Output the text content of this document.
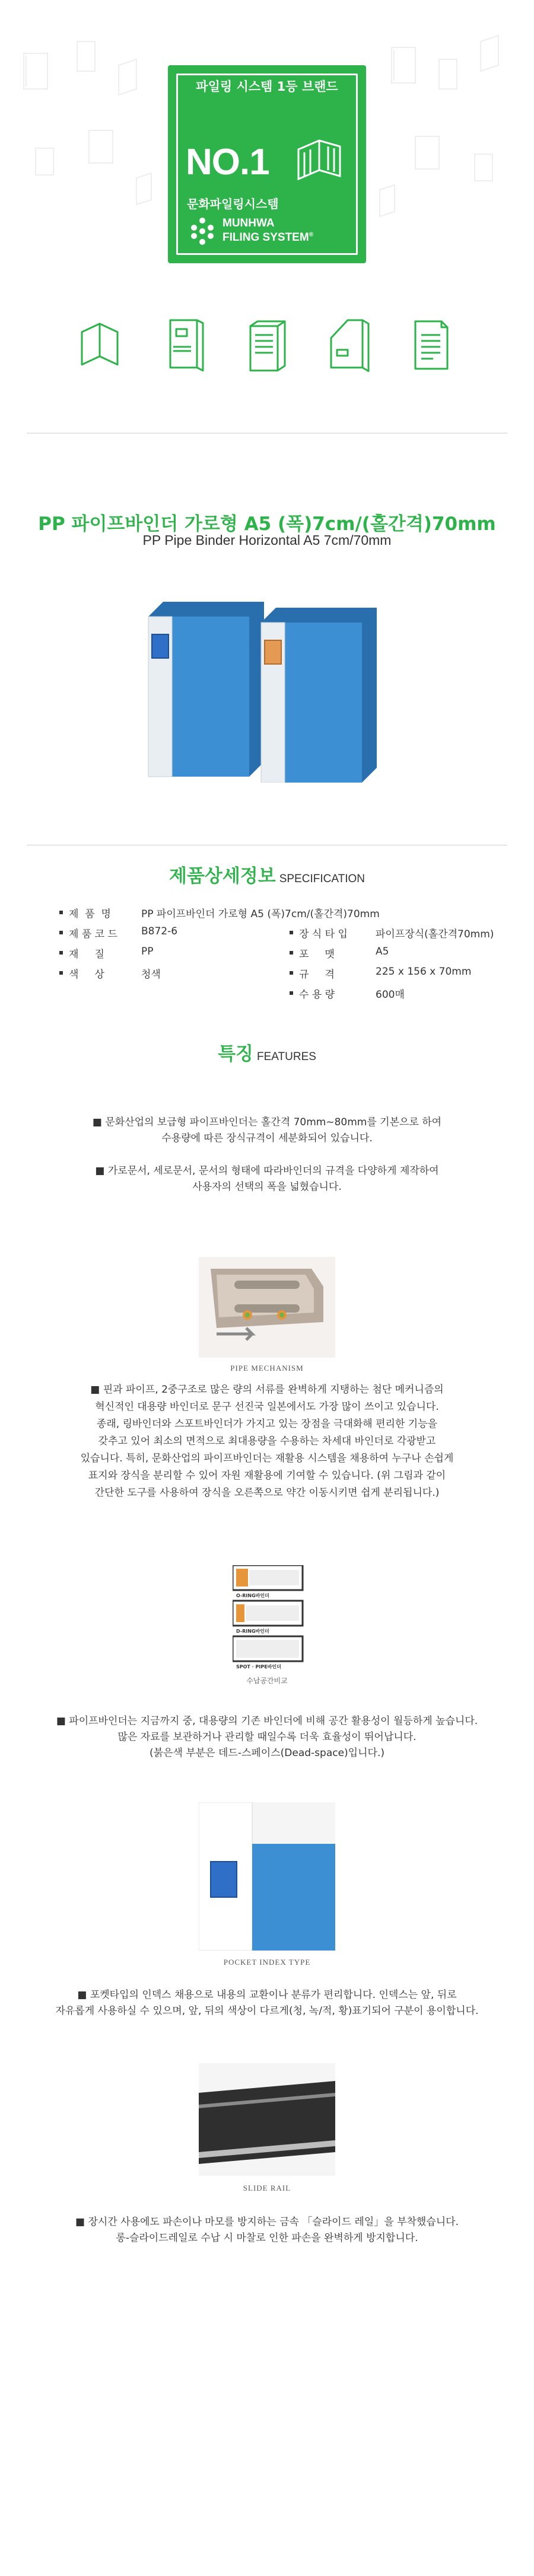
파일링 시스템 1등 브랜드
NO.1
문화파일링시스템
MUNHWA
FILING SYSTEM®
PP 파이프바인더 가로형 A5 (폭)7cm/(홀간격)70mm
PP Pipe Binder Horizontal A5 7cm/70mm
제품상세정보 SPECIFICATION
제  품  명	PP 파이프바인더 가로형 A5 (폭)7cm/(홀간격)70mm
제 품 코 드 B872-6	장 식 타 입	파이프장식(홀간격70mm)
재     질	PP	포     맷	A5
색     상	청색	규     격	225 x 156 x 70mm
수 용 량	600매
특징 FEATURES
■ 문화산업의 보급형 파이프바인더는 홀간격 70mm~80mm를 기본으로 하여
수용량에 따른 장식규격이 세분화되어 있습니다.
■ 가로문서, 세로문서, 문서의 형태에 따라바인더의 규격을 다양하게 제작하여
사용자의 선택의 폭을 넓혔습니다.
PIPE MECHANISM
■ 핀과 파이프, 2중구조로 많은 량의 서류를 완벽하게 지탱하는 첨단 메커니즘의
혁신적인 대용량 바인더로 문구 선진국 일본에서도 가장 많이 쓰이고 있습니다.
종래, 링바인더와 스포트바인더가 가지고 있는 장점을 극대화해 편리한 기능을
갖추고 있어 최소의 면적으로 최대용량을 수용하는 차세대 바인더로 각광받고
있습니다. 특히, 문화산업의 파이프바인더는 재활용 시스템을 채용하여 누구나 손쉽게
표지와 장식을 분리할 수 있어 자원 재활용에 기여할 수 있습니다. (위 그림과 같이
간단한 도구를 사용하여 장식을 오른쪽으로 약간 이동시키면 쉽게 분리됩니다.)
O-RING바인더
D-RING바인더
SPOT · PIPE바인더
수납공간비교
■ 파이프바인더는 지금까지 중, 대용량의 기존 바인더에 비해 공간 활용성이 월등하게 높습니다.
많은 자료를 보관하거나 관리할 때일수록 더욱 효율성이 뛰어납니다.
(붉은색 부분은 데드-스페이스(Dead-space)입니다.)
POCKET INDEX TYPE
■ 포켓타입의 인덱스 채용으로 내용의 교환이나 분류가 편리합니다. 인덱스는 앞, 뒤로
자유롭게 사용하실 수 있으며, 앞, 뒤의 색상이 다르게(청, 녹/적, 황)표기되어 구분이 용이합니다.
SLIDE RAIL
■ 장시간 사용에도 파손이나 마모를 방지하는 금속 「슬라이드 레일」을 부착했습니다.
롱-슬라이드레일로 수납 시 마찰로 인한 파손을 완벽하게 방지합니다.
